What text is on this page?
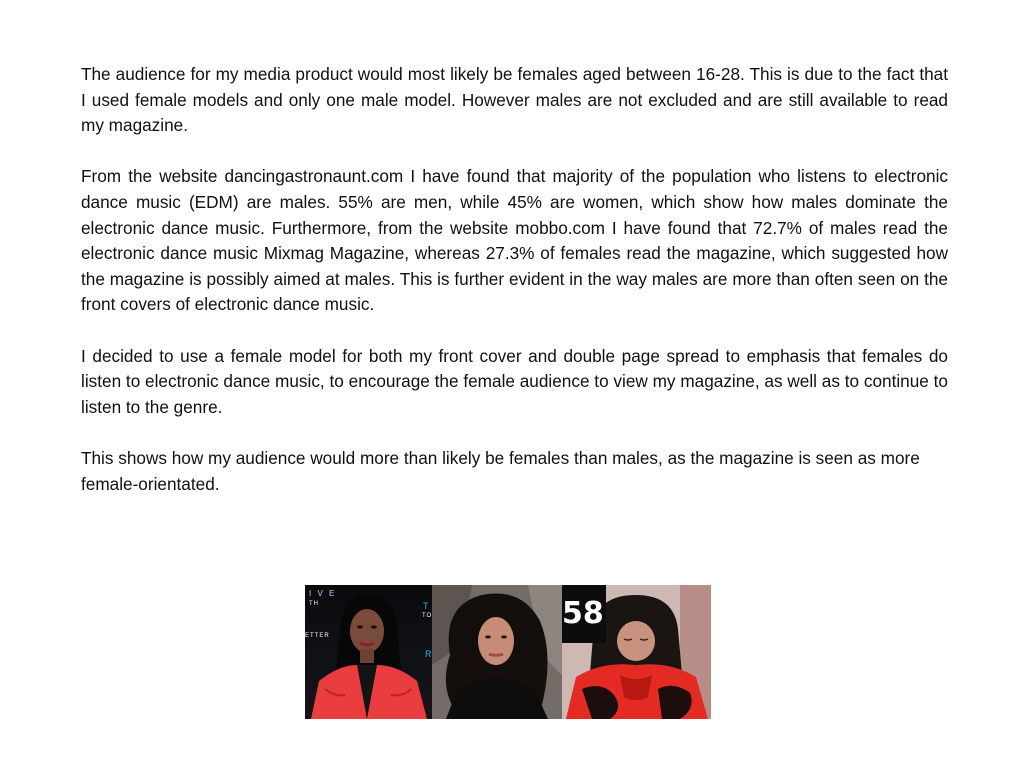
The audience for my media product would most likely be females aged between 16-28. This is due to the fact that I used female models and only one male model. However males are not excluded and are still available to read my magazine.

From the website dancingastronaunt.com I have found that majority of the population who listens to electronic dance music (EDM) are males. 55% are men, while 45% are women, which show how males dominate the electronic dance music. Furthermore, from the website mobbo.com I have found that 72.7% of males read the electronic dance music Mixmag Magazine, whereas 27.3% of females read the magazine, which suggested how the magazine is possibly aimed at males. This is further evident in the way males are more than often seen on the front covers of electronic dance music.

I decided to use a female model for both my front cover and double page spread to emphasis that females do listen to electronic dance music, to encourage the female audience to view my magazine, as well as to continue to listen to the genre.

This shows how my audience would more than likely be females than males, as the magazine is seen as more female-orientated.

I V E
TH
ETTER
T
TO
R
58
